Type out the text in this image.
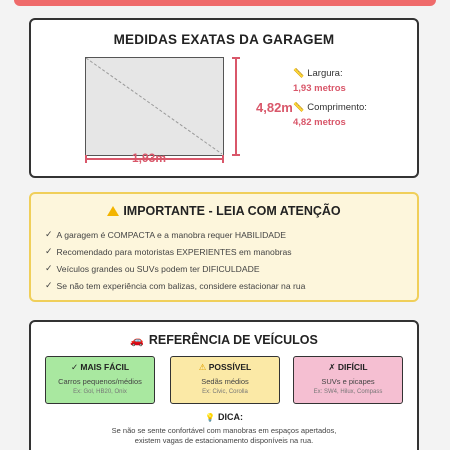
MEDIDAS EXATAS DA GARAGEM
1,93m
4,82m
📏 Largura:
1,93 metros
📏 Comprimento:
4,82 metros
IMPORTANTE - LEIA COM ATENÇÃO
✓ A garagem é COMPACTA e a manobra requer HABILIDADE
✓ Recomendado para motoristas EXPERIENTES em manobras
✓ Veículos grandes ou SUVs podem ter DIFICULDADE
✓ Se não tem experiência com balizas, considere estacionar na rua
🚗 REFERÊNCIA DE VEÍCULOS
✓ MAIS FÁCIL
Carros pequenos/médios
Ex: Gol, HB20, Onix
⚠ POSSÍVEL
Sedãs médios
Ex: Civic, Corolla
✗ DIFÍCIL
SUVs e picapes
Ex: SW4, Hilux, Compass
💡 DICA:
Se não se sente confortável com manobras em espaços apertados,
existem vagas de estacionamento disponíveis na rua.
